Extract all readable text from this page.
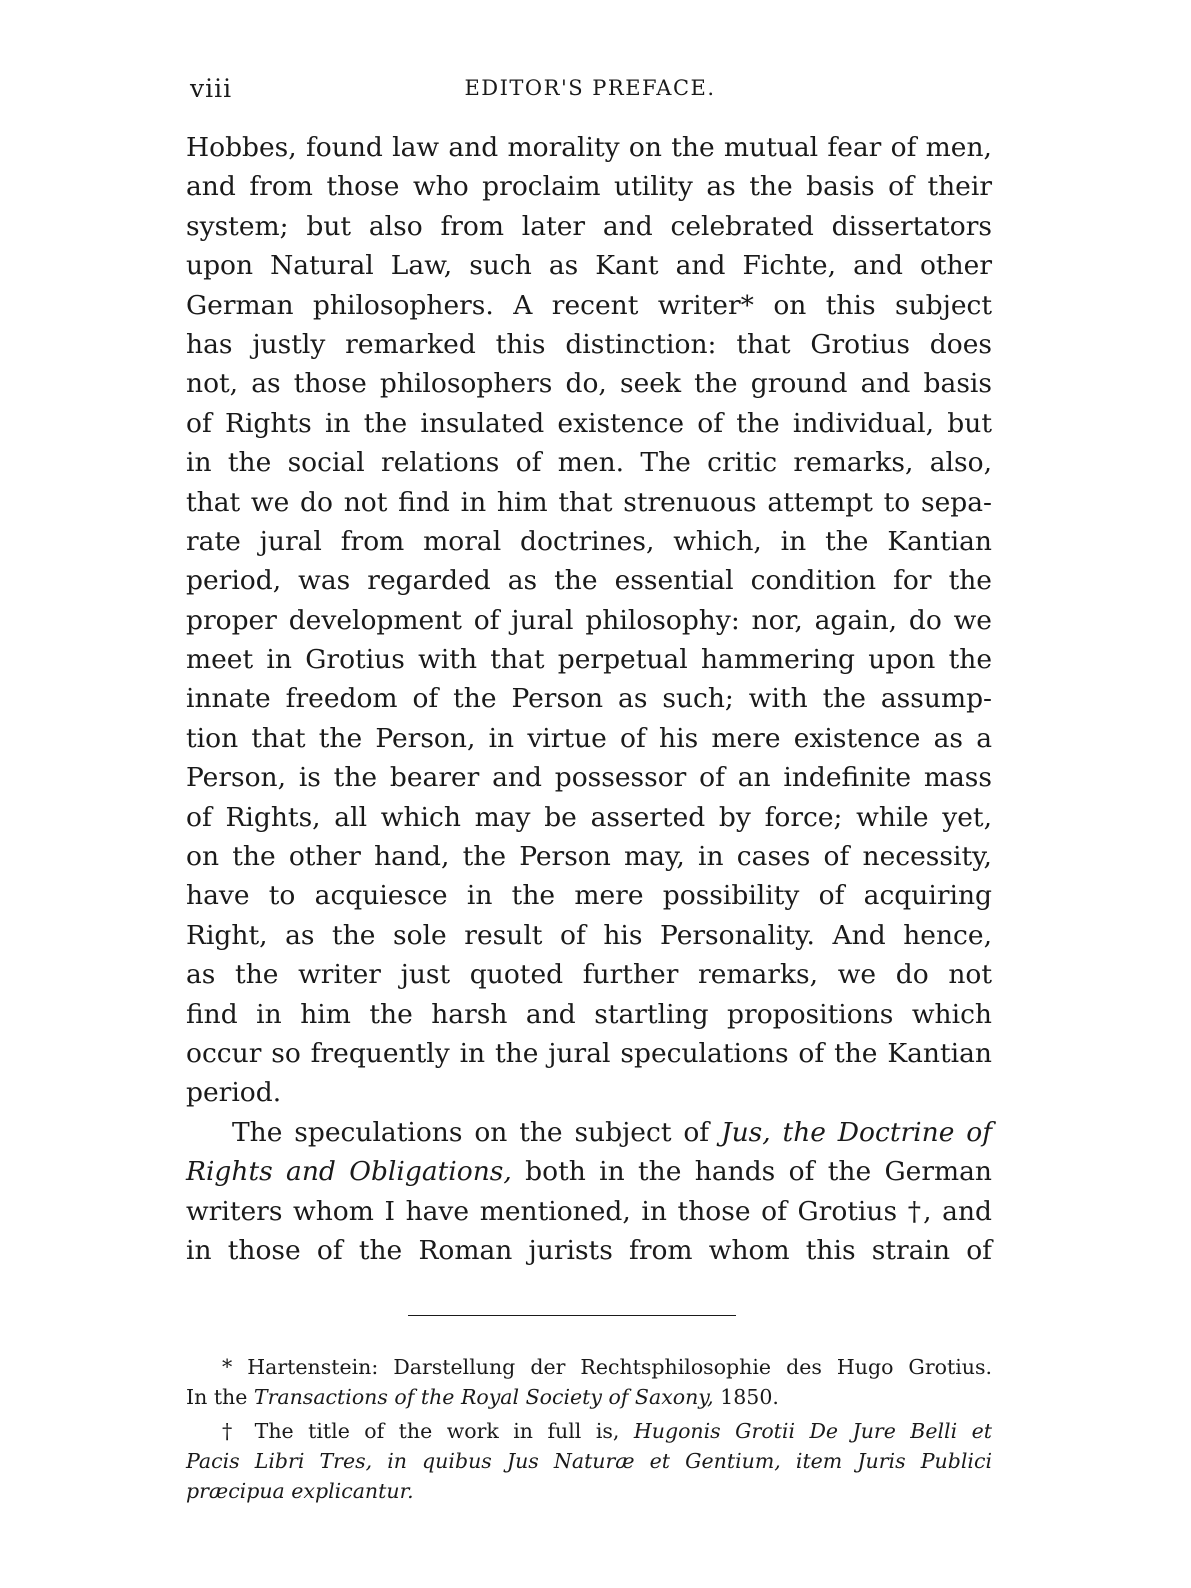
viii	EDITOR'S PREFACE.
Hobbes, found law and morality on the mutual fear of men,
and from those who proclaim utility as the basis of their
system; but also from later and celebrated dissertators
upon Natural Law, such as Kant and Fichte, and other
German philosophers. A recent writer* on this subject
has justly remarked this distinction: that Grotius does
not, as those philosophers do, seek the ground and basis
of Rights in the insulated existence of the individual, but
in the social relations of men. The critic remarks, also,
that we do not find in him that strenuous attempt to sepa-
rate jural from moral doctrines, which, in the Kantian
period, was regarded as the essential condition for the
proper development of jural philosophy: nor, again, do we
meet in Grotius with that perpetual hammering upon the
innate freedom of the Person as such; with the assump-
tion that the Person, in virtue of his mere existence as a
Person, is the bearer and possessor of an indefinite mass
of Rights, all which may be asserted by force; while yet,
on the other hand, the Person may, in cases of necessity,
have to acquiesce in the mere possibility of acquiring
Right, as the sole result of his Personality. And hence,
as the writer just quoted further remarks, we do not
find in him the harsh and startling propositions which
occur so frequently in the jural speculations of the Kantian
period.
The speculations on the subject of Jus, the Doctrine of
Rights and Obligations, both in the hands of the German
writers whom I have mentioned, in those of Grotius †, and
in those of the Roman jurists from whom this strain of
* Hartenstein: Darstellung der Rechtsphilosophie des Hugo Grotius.
In the Transactions of the Royal Society of Saxony, 1850.
† The title of the work in full is, Hugonis Grotii De Jure Belli et
Pacis Libri Tres, in quibus Jus Naturæ et Gentium, item Juris Publici
præcipua explicantur.
